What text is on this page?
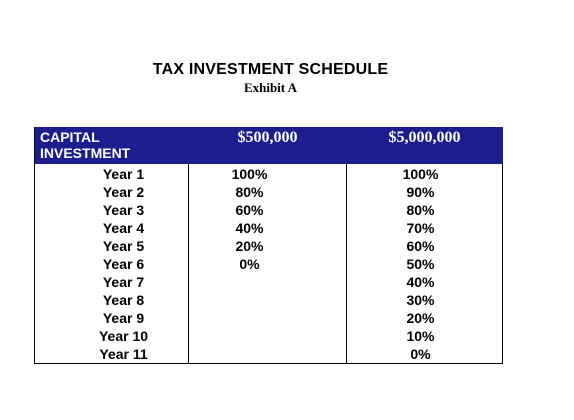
TAX INVESTMENT SCHEDULE
Exhibit A
CAPITAL
INVESTMENT	$500,000	$5,000,000
Year 1	100%	100%
Year 2	80%	90%
Year 3	60%	80%
Year 4	40%	70%
Year 5	20%	60%
Year 6	0%	50%
Year 7		40%
Year 8		30%
Year 9		20%
Year 10		10%
Year 11		0%
